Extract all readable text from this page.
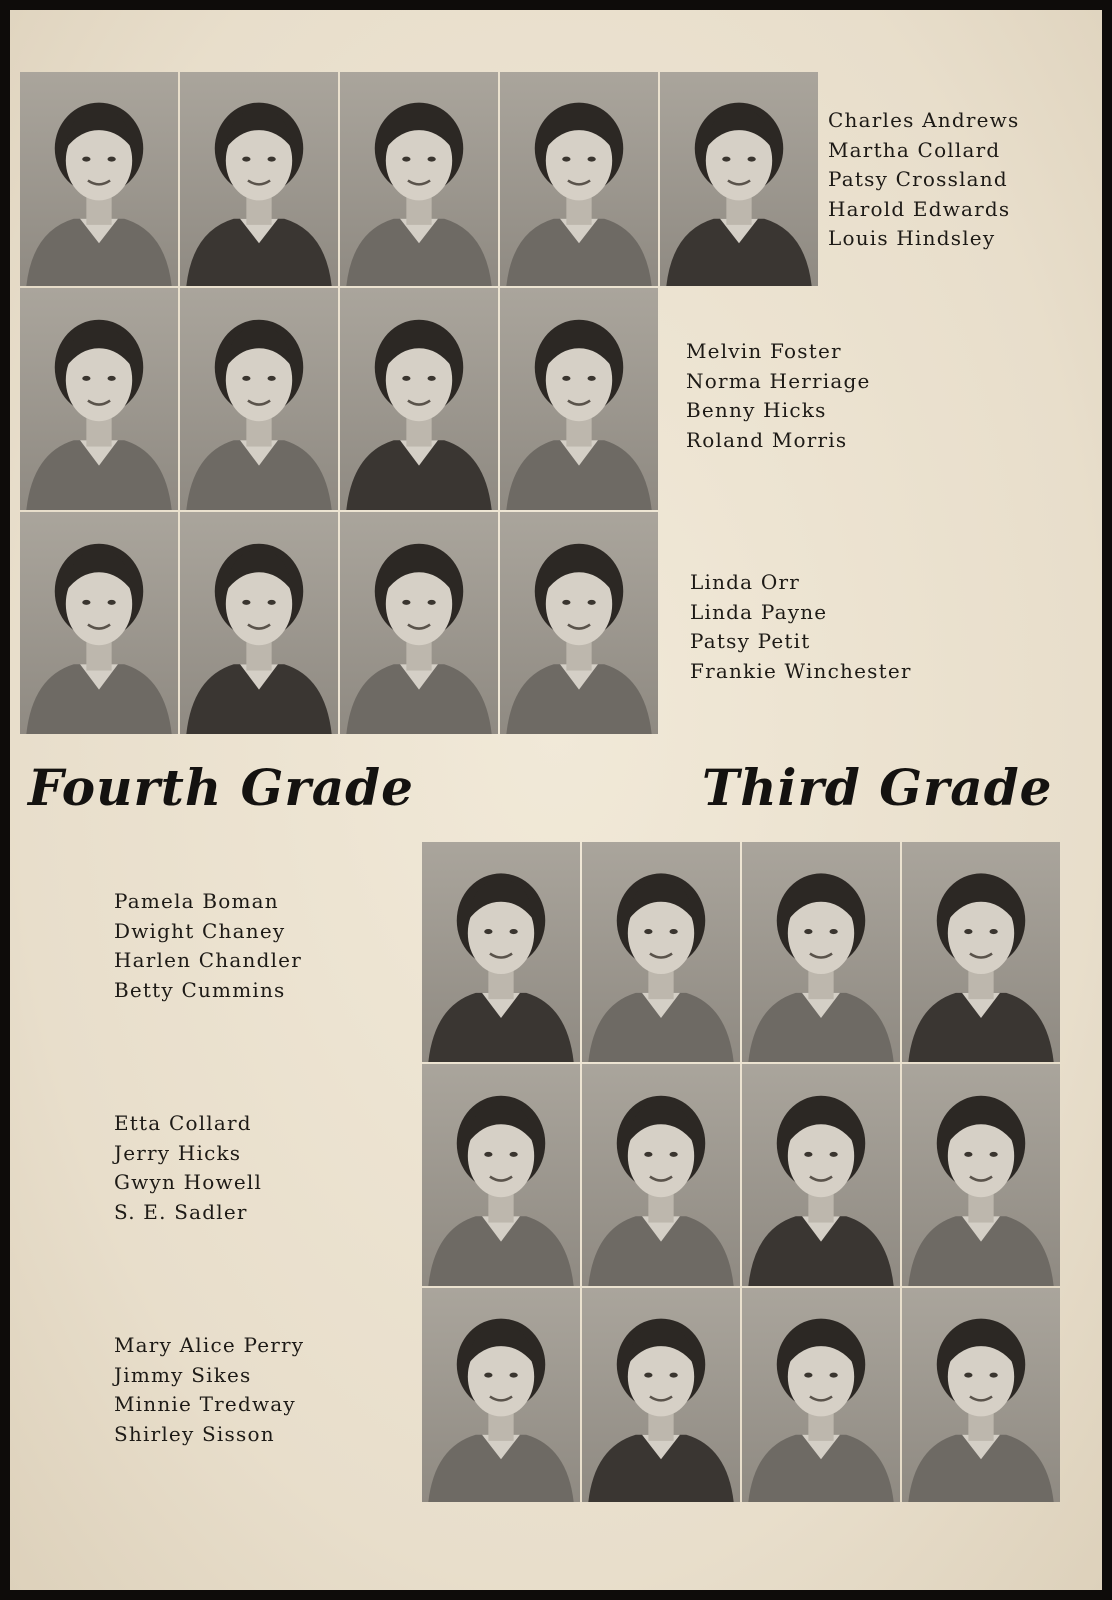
Charles Andrews
Martha Collard
Patsy Crossland
Harold Edwards
Louis Hindsley
Melvin Foster
Norma Herriage
Benny Hicks
Roland Morris
Linda Orr
Linda Payne
Patsy Petit
Frankie Winchester
Fourth Grade	Third Grade
Pamela Boman
Dwight Chaney
Harlen Chandler
Betty Cummins
Etta Collard
Jerry Hicks
Gwyn Howell
S. E. Sadler
Mary Alice Perry
Jimmy Sikes
Minnie Tredway
Shirley Sisson
